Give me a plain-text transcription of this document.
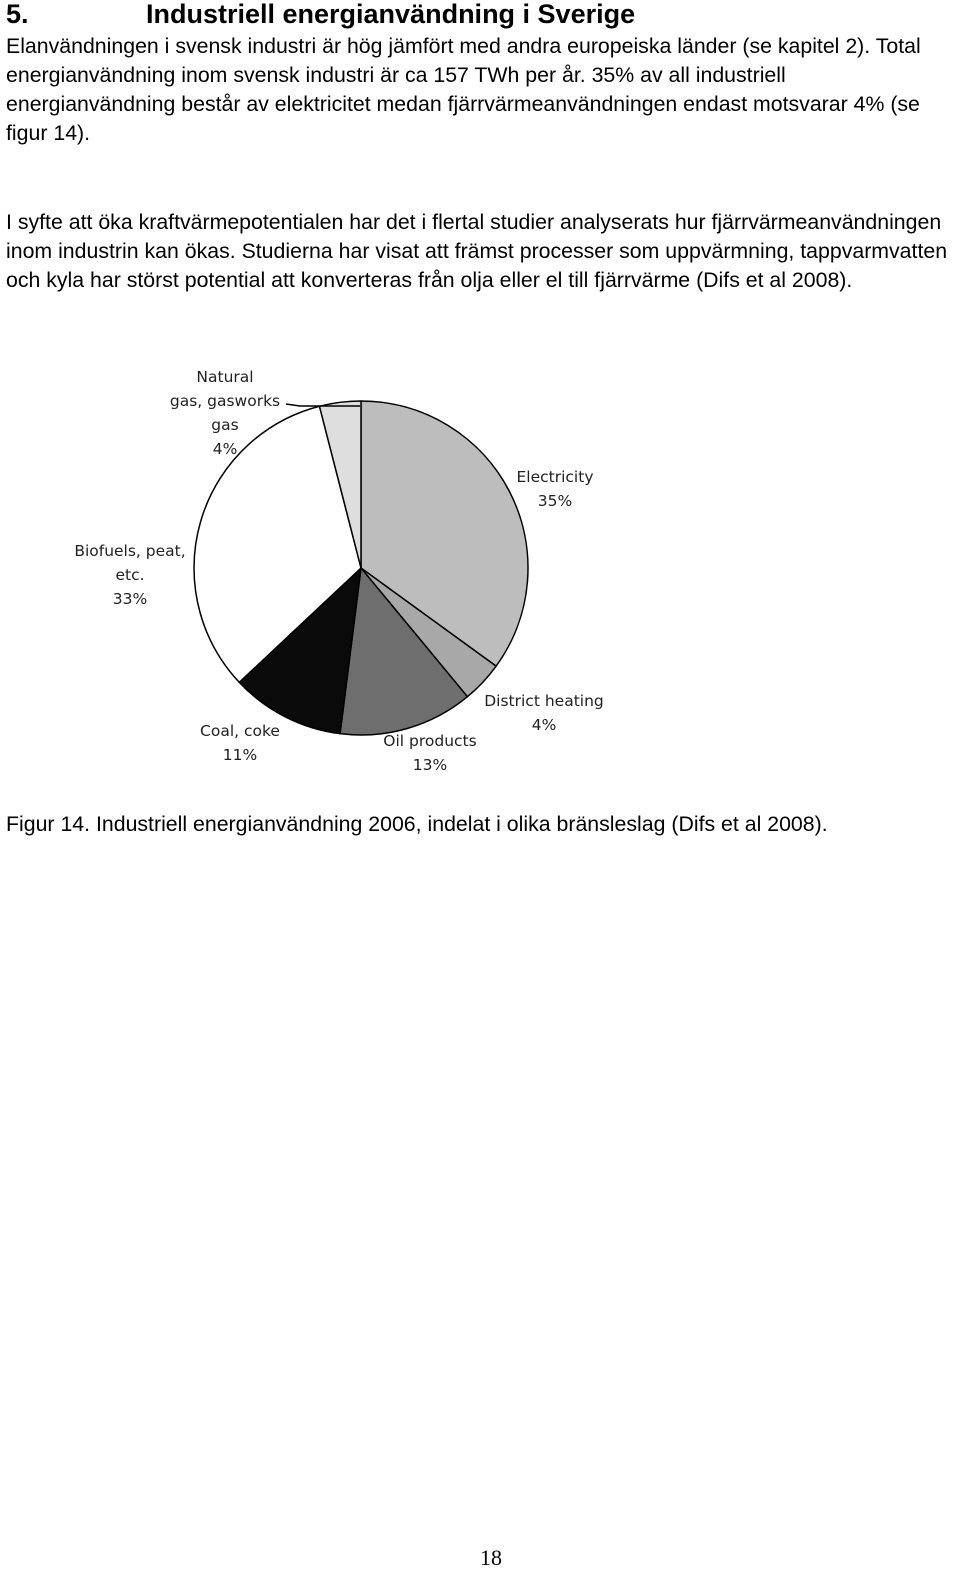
5.	Industriell energianvändning i Sverige

Elanvändningen i svensk industri är hög jämfört med andra europeiska länder (se kapitel 2). Total energianvändning inom svensk industri är ca 157 TWh per år. 35% av all industriell energianvändning består av elektricitet medan fjärrvärmeanvändningen endast motsvarar 4% (se figur 14).

I syfte att öka kraftvärmepotentialen har det i flertal studier analyserats hur fjärrvärmeanvändningen inom industrin kan ökas. Studierna har visat att främst processer som uppvärmning, tappvarmvatten och kyla har störst potential att konverteras från olja eller el till fjärrvärme (Difs et al 2008).

Electricity 35%
District heating 4%
Oil products 13%
Coal, coke 11%
Biofuels, peat, etc. 33%
Natural gas, gasworks gas 4%

Figur 14. Industriell energianvändning 2006, indelat i olika bränsleslag (Difs et al 2008).

18
